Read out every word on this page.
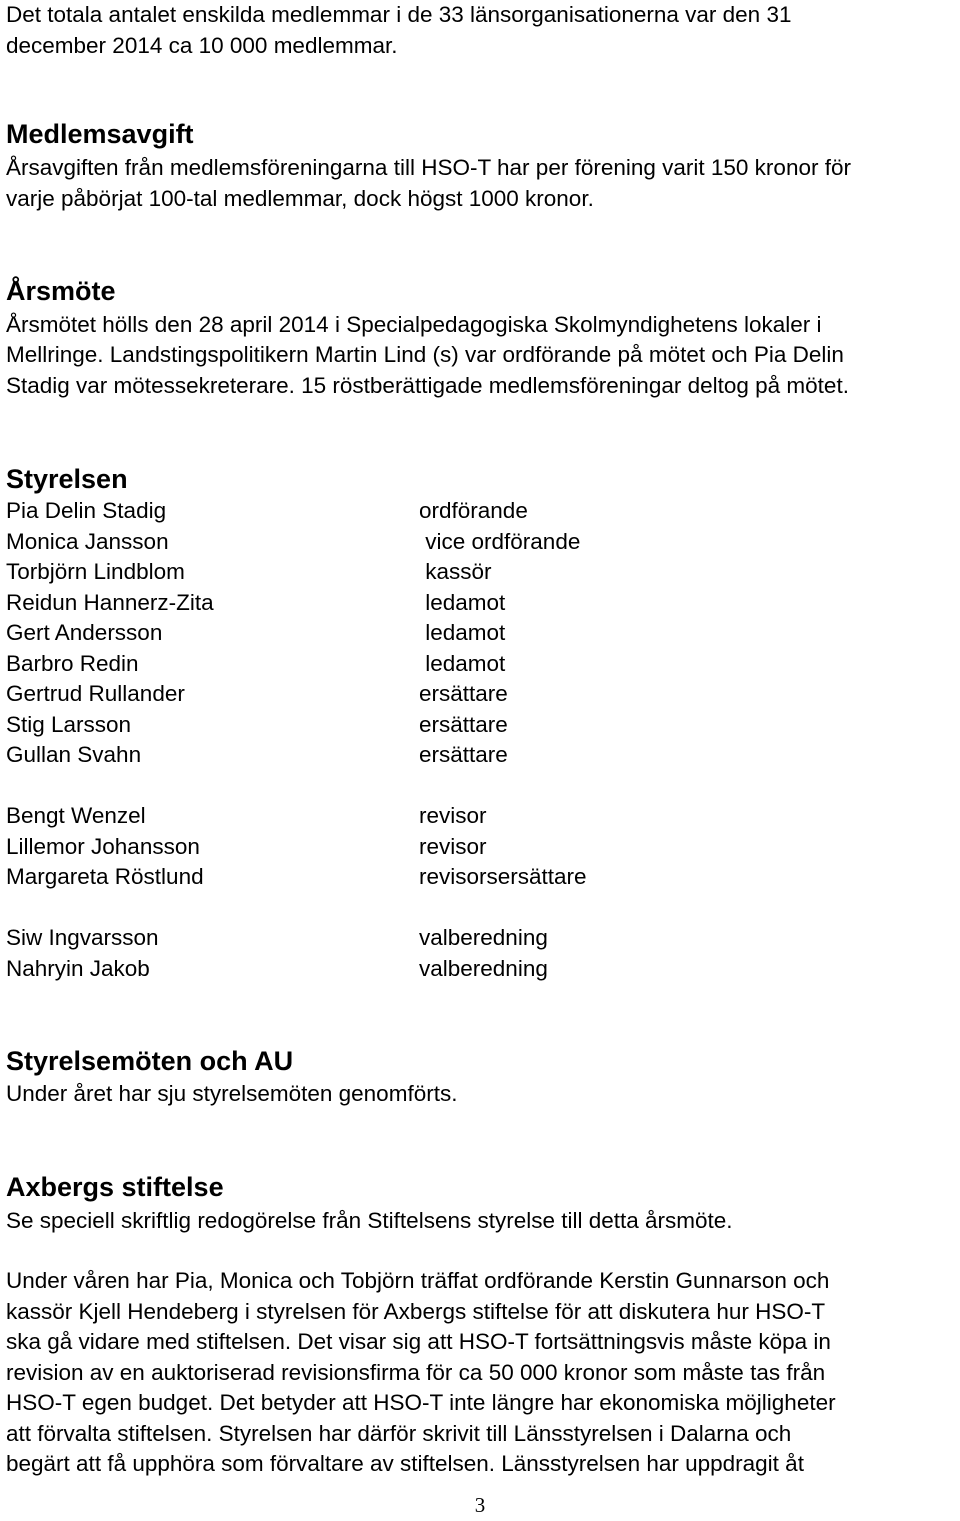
Det totala antalet enskilda medlemmar i de 33 länsorganisationerna var den 31

december 2014 ca 10 000 medlemmar.

Medlemsavgift

Årsavgiften från medlemsföreningarna till HSO-T har per förening varit 150 kronor för

varje påbörjat 100-tal medlemmar, dock högst 1000 kronor.

Årsmöte

Årsmötet hölls den 28 april 2014 i Specialpedagogiska Skolmyndighetens lokaler i

Mellringe. Landstingspolitikern Martin Lind (s) var ordförande på mötet och Pia Delin

Stadig var mötessekreterare. 15 röstberättigade medlemsföreningar deltog på mötet.

Styrelsen

Pia Delin Stadig	ordförande

Monica Jansson	vice ordförande

Torbjörn Lindblom	kassör

Reidun Hannerz-Zita	ledamot

Gert Andersson	ledamot

Barbro Redin	ledamot

Gertrud Rullander	ersättare

Stig Larsson	ersättare

Gullan Svahn	ersättare

Bengt Wenzel	revisor

Lillemor Johansson	revisor

Margareta Röstlund	revisorsersättare

Siw Ingvarsson	valberedning

Nahryin Jakob	valberedning

Styrelsemöten och AU

Under året har sju styrelsemöten genomförts.

Axbergs stiftelse

Se speciell skriftlig redogörelse från Stiftelsens styrelse till detta årsmöte.

Under våren har Pia, Monica och Tobjörn träffat ordförande Kerstin Gunnarson och

kassör Kjell Hendeberg i styrelsen för Axbergs stiftelse för att diskutera hur HSO-T

ska gå vidare med stiftelsen. Det visar sig att HSO-T fortsättningsvis måste köpa in

revision av en auktoriserad revisionsfirma för ca 50 000 kronor som måste tas från

HSO-T egen budget. Det betyder att HSO-T inte längre har ekonomiska möjligheter

att förvalta stiftelsen. Styrelsen har därför skrivit till Länsstyrelsen i Dalarna och

begärt att få upphöra som förvaltare av stiftelsen. Länsstyrelsen har uppdragit åt

3
